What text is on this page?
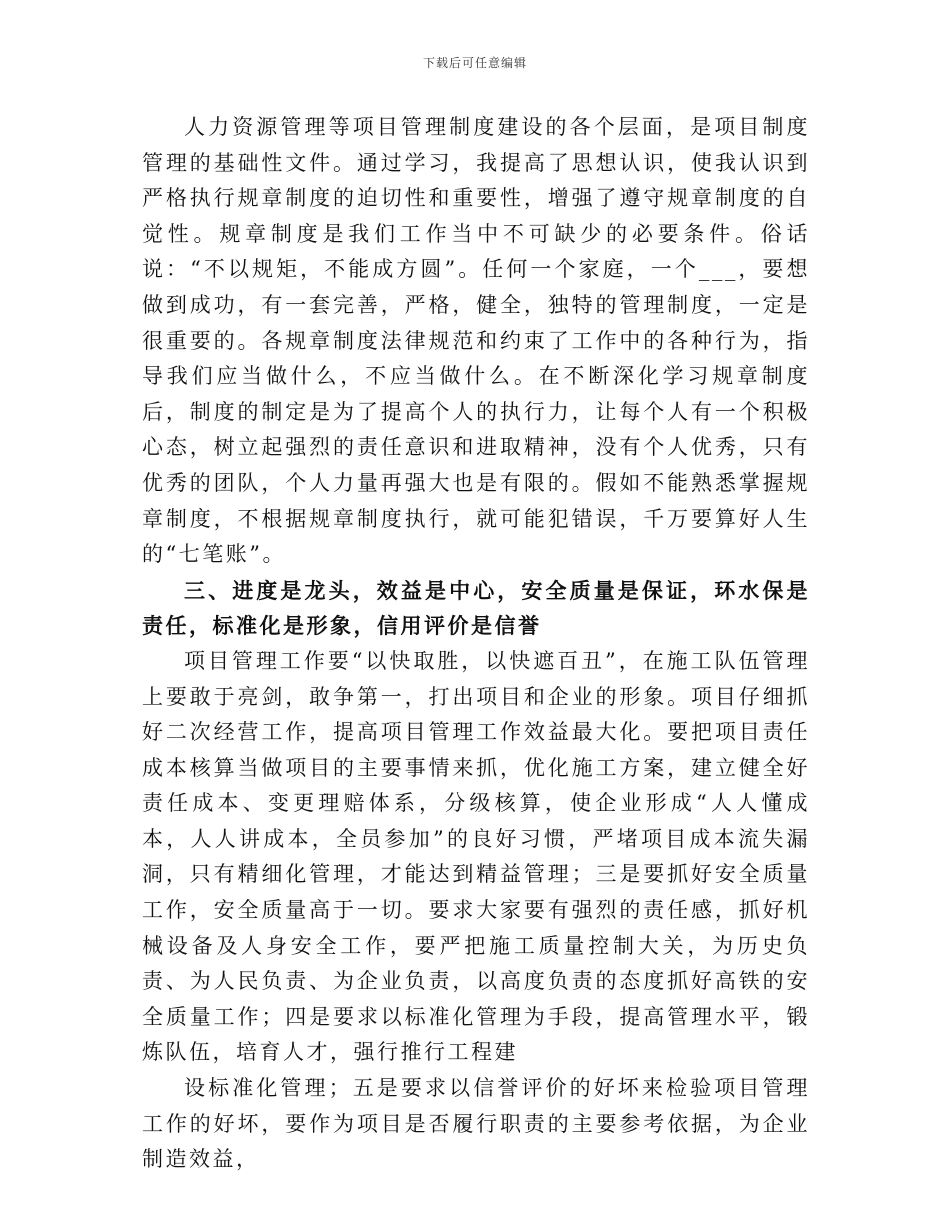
下载后可任意编辑

人力资源管理等项目管理制度建设的各个层面，是项目制度管理的基础性文件。通过学习，我提高了思想认识，使我认识到严格执行规章制度的迫切性和重要性，增强了遵守规章制度的自觉性。规章制度是我们工作当中不可缺少的必要条件。俗话说：“不以规矩，不能成方圆”。任何一个家庭，一个___，要想做到成功，有一套完善，严格，健全，独特的管理制度，一定是很重要的。各规章制度法律规范和约束了工作中的各种行为，指导我们应当做什么，不应当做什么。在不断深化学习规章制度后，制度的制定是为了提高个人的执行力，让每个人有一个积极心态，树立起强烈的责任意识和进取精神，没有个人优秀，只有优秀的团队，个人力量再强大也是有限的。假如不能熟悉掌握规章制度，不根据规章制度执行，就可能犯错误，千万要算好人生的“七笔账”。

三、进度是龙头，效益是中心，安全质量是保证，环水保是责任，标准化是形象，信用评价是信誉

项目管理工作要“以快取胜，以快遮百丑”，在施工队伍管理上要敢于亮剑，敢争第一，打出项目和企业的形象。项目仔细抓好二次经营工作，提高项目管理工作效益最大化。要把项目责任成本核算当做项目的主要事情来抓，优化施工方案，建立健全好责任成本、变更理赔体系，分级核算，使企业形成“人人懂成本，人人讲成本，全员参加”的良好习惯，严堵项目成本流失漏洞，只有精细化管理，才能达到精益管理；三是要抓好安全质量工作，安全质量高于一切。要求大家要有强烈的责任感，抓好机械设备及人身安全工作，要严把施工质量控制大关，为历史负责、为人民负责、为企业负责，以高度负责的态度抓好高铁的安全质量工作；四是要求以标准化管理为手段，提高管理水平，锻炼队伍，培育人才，强行推行工程建

设标准化管理；五是要求以信誉评价的好坏来检验项目管理工作的好坏，要作为项目是否履行职责的主要参考依据，为企业制造效益，
